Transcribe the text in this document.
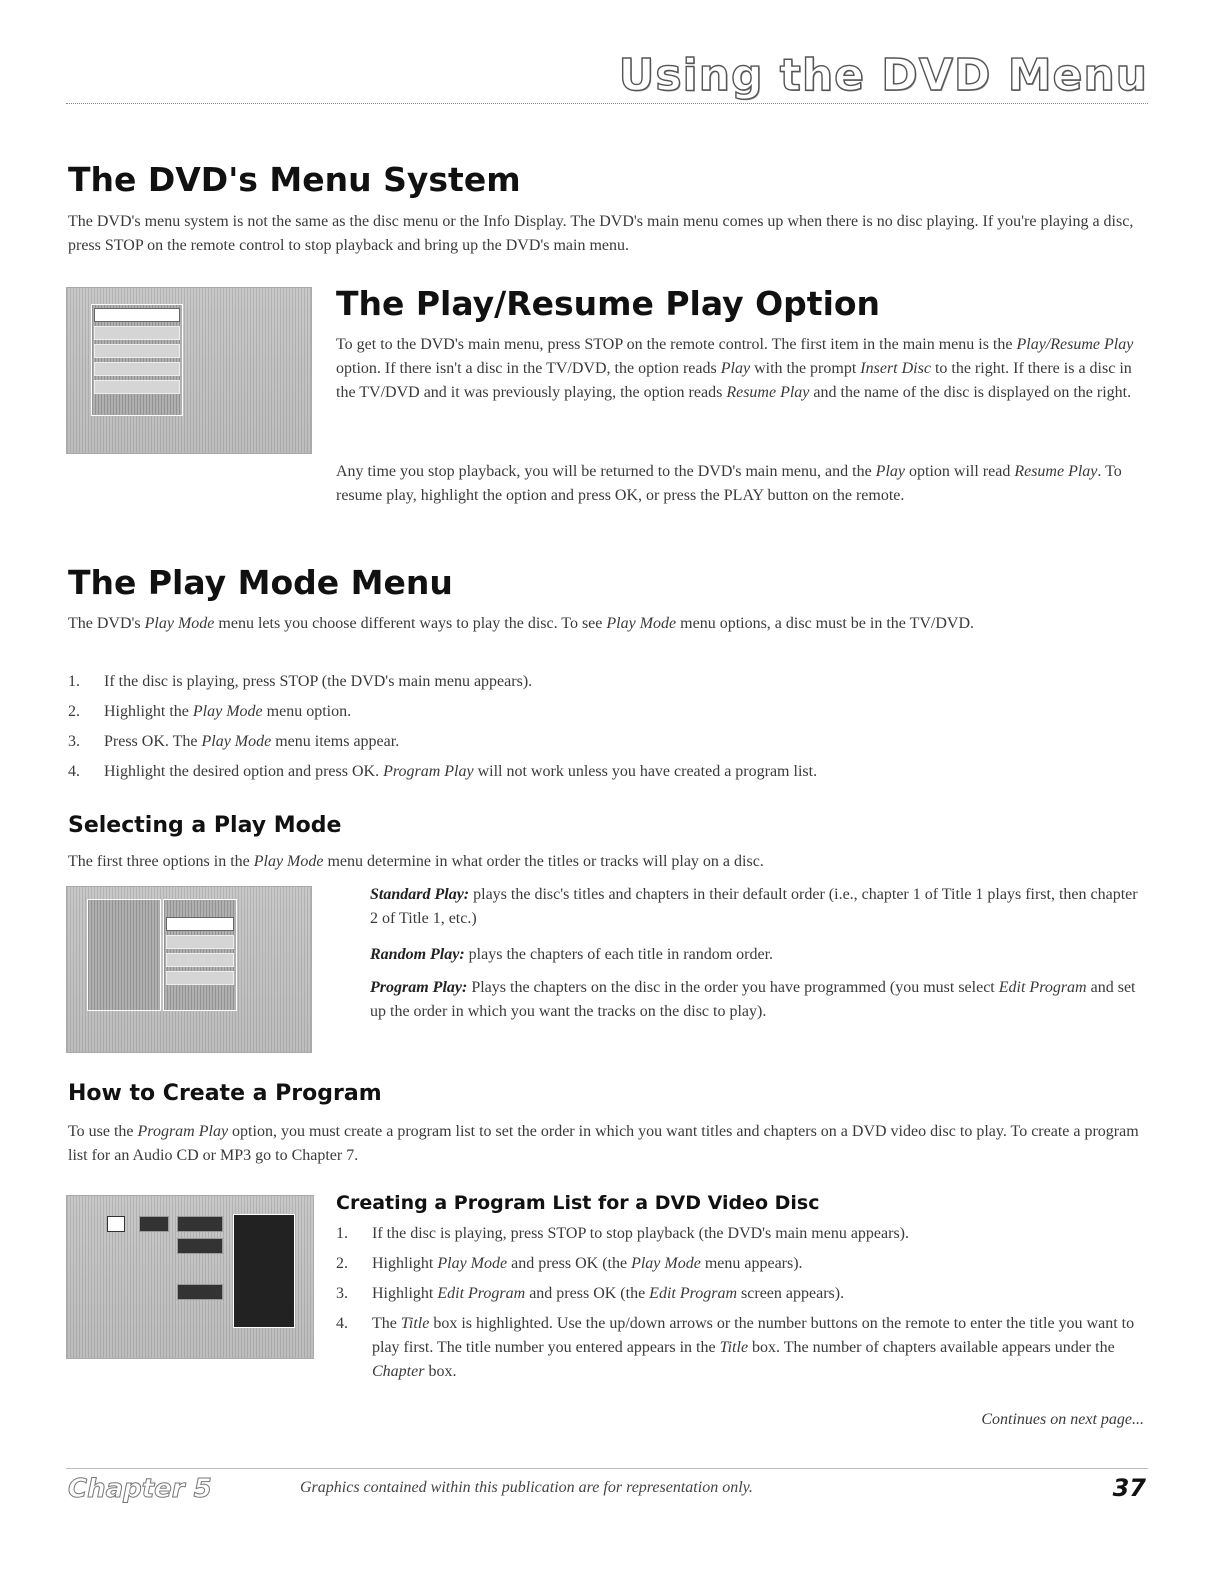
Using the DVD Menu
The DVD's Menu System

The DVD's menu system is not the same as the disc menu or the Info Display. The DVD's main menu comes up when there is no disc playing. If you're playing a disc, press STOP on the remote control to stop playback and bring up the DVD's main menu.

The Play/Resume Play Option

To get to the DVD's main menu, press STOP on the remote control. The first item in the main menu is the Play/Resume Play option. If there isn't a disc in the TV/DVD, the option reads Play with the prompt Insert Disc to the right. If there is a disc in the TV/DVD and it was previously playing, the option reads Resume Play and the name of the disc is displayed on the right.

Any time you stop playback, you will be returned to the DVD's main menu, and the Play option will read Resume Play. To resume play, highlight the option and press OK, or press the PLAY button on the remote.

The Play Mode Menu

The DVD's Play Mode menu lets you choose different ways to play the disc. To see Play Mode menu options, a disc must be in the TV/DVD.

1. If the disc is playing, press STOP (the DVD's main menu appears).
2. Highlight the Play Mode menu option.
3. Press OK. The Play Mode menu items appear.
4. Highlight the desired option and press OK. Program Play will not work unless you have created a program list.
Selecting a Play Mode

The first three options in the Play Mode menu determine in what order the titles or tracks will play on a disc.

Standard Play: plays the disc's titles and chapters in their default order (i.e., chapter 1 of Title 1 plays first, then chapter 2 of Title 1, etc.)

Random Play: plays the chapters of each title in random order.

Program Play: Plays the chapters on the disc in the order you have programmed (you must select Edit Program and set up the order in which you want the tracks on the disc to play).

How to Create a Program

To use the Program Play option, you must create a program list to set the order in which you want titles and chapters on a DVD video disc to play. To create a program list for an Audio CD or MP3 go to Chapter 7.

Creating a Program List for a DVD Video Disc
1. If the disc is playing, press STOP to stop playback (the DVD's main menu appears).
2. Highlight Play Mode and press OK (the Play Mode menu appears).
3. Highlight Edit Program and press OK (the Edit Program screen appears).
4. The Title box is highlighted. Use the up/down arrows or the number buttons on the remote to enter the title you want to play first. The title number you entered appears in the Title box. The number of chapters available appears under the Chapter box.

Continues on next page...

Chapter 5	Graphics contained within this publication are for representation only.	37
